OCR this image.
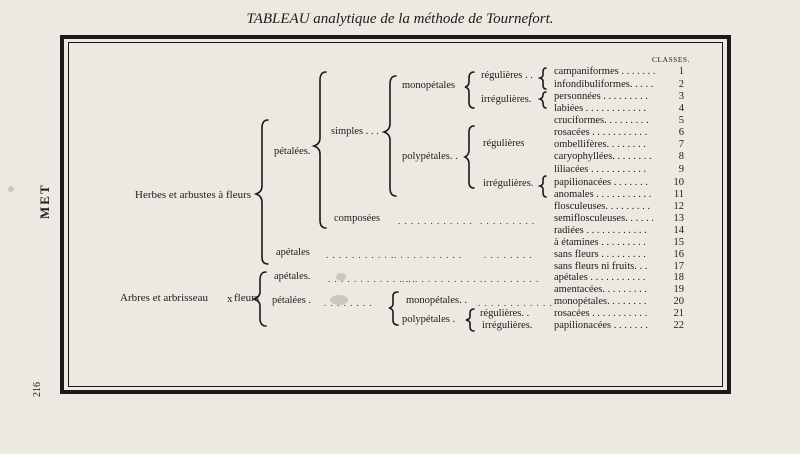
TABLEAU analytique de la méthode de Tournefort.
MET
216
CLASSES.
Herbes et arbustes à fleurs
Arbres et arbrisseau x fleurs
pétalées.
apétales
apétales.
pétalées .
simples . . .
composées
monopétales. .
polypétales .
monopétales
polypétales. .
régulières . .
irrégulières.
régulières
irrégulières.
régulières. .
irrégulières.
. . . . . . . . . . . . . . . . . . . . . . . . . . . . . .
. . . . . . . . . . . . . . . . . . . . .
. . . . . . . . . . . . . .
. . . . . . . . . . . . . . . . . . . . . .
. . . . . . . .	. . . . . . . . . . . .
campaniformes . . . . . . .	1
infondibuliformes. . . . .	2
personnées . . . . . . . . .	3
labiées . . . . . . . . . . . .	4
cruciformes. . . . . . . . .	5
rosacées . . . . . . . . . . .	6
ombellifères. . . . . . . .	7
caryophyllées. . . . . . . .	8
liliacées . . . . . . . . . . .	9
papilionacées . . . . . . .	10
anomales . . . . . . . . . . .	11
flosculeuses. . . . . . . . .	12
semiflosculeuses. . . . . .	13
radiées . . . . . . . . . . . .	14
à étamines . . . . . . . . .	15
sans fleurs . . . . . . . . .	16
sans fleurs ni fruits. . .	17
apétales . . . . . . . . . . .	18
amentacées. . . . . . . . .	19
monopétales. . . . . . . .	20
rosacées . . . . . . . . . . .	21
papilionacées . . . . . . .	22
